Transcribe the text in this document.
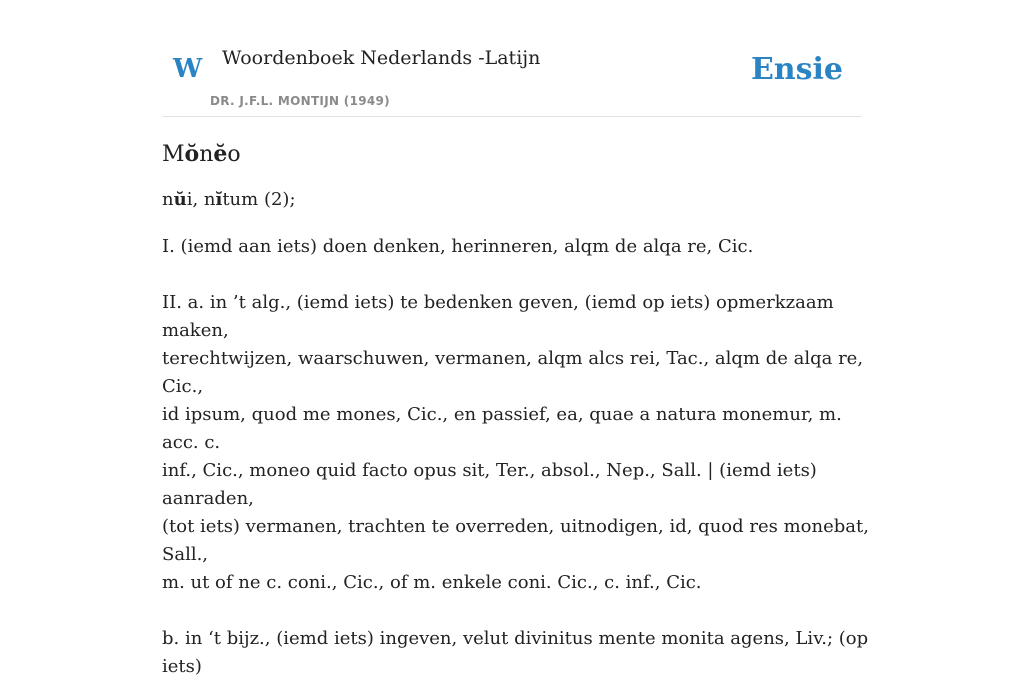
W Woordenboek Nederlands -Latijn
DR. J.F.L. MONTIJN (1949)
Ensie
Mŏnĕo

nŭi, nĭtum (2);

I. (iemd aan iets) doen denken, herinneren, alqm de alqa re, Cic.

II. a. in ’t alg., (iemd iets) te bedenken geven, (iemd op iets) opmerkzaam maken,
terechtwijzen, waarschuwen, vermanen, alqm alcs rei, Tac., alqm de alqa re, Cic.,
id ipsum, quod me mones, Cic., en passief, ea, quae a natura monemur, m. acc. c.
inf., Cic., moneo quid facto opus sit, Ter., absol., Nep., Sall. | (iemd iets) aanraden,
(tot iets) vermanen, trachten te overreden, uitnodigen, id, quod res monebat, Sall.,
m. ut of ne c. coni., Cic., of m. enkele coni. Cic., c. inf., Cic.

b. in ‘t bijz., (iemd iets) ingeven, velut divinitus mente monita agens, Liv.; (op iets)
